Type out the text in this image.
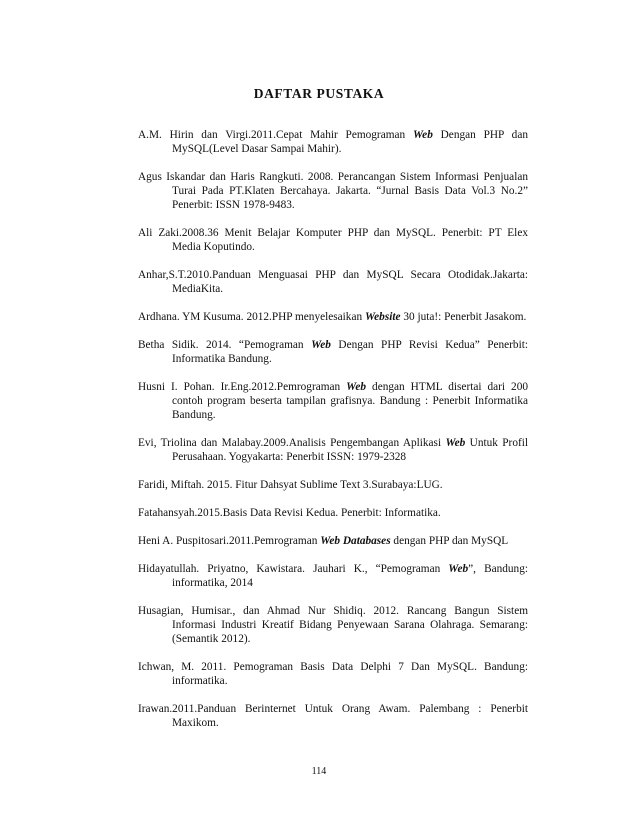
DAFTAR PUSTAKA
A.M. Hirin dan Virgi.2011.Cepat Mahir Pemograman Web Dengan PHP dan MySQL(Level Dasar Sampai Mahir).
Agus Iskandar dan Haris Rangkuti. 2008. Perancangan Sistem Informasi Penjualan Turai Pada PT.Klaten Bercahaya. Jakarta. “Jurnal Basis Data Vol.3 No.2” Penerbit: ISSN 1978-9483.
Ali Zaki.2008.36 Menit Belajar Komputer PHP dan MySQL. Penerbit: PT Elex Media Koputindo.
Anhar,S.T.2010.Panduan Menguasai PHP dan MySQL Secara Otodidak.Jakarta: MediaKita.
Ardhana. YM Kusuma. 2012.PHP menyelesaikan Website 30 juta!: Penerbit Jasakom.
Betha Sidik. 2014. “Pemograman Web Dengan PHP Revisi Kedua” Penerbit: Informatika Bandung.
Husni I. Pohan. Ir.Eng.2012.Pemrograman Web dengan HTML disertai dari 200 contoh program beserta tampilan grafisnya. Bandung : Penerbit Informatika Bandung.
Evi, Triolina dan Malabay.2009.Analisis Pengembangan Aplikasi Web Untuk Profil Perusahaan. Yogyakarta: Penerbit ISSN: 1979-2328
Faridi, Miftah. 2015. Fitur Dahsyat Sublime Text 3.Surabaya:LUG.
Fatahansyah.2015.Basis Data Revisi Kedua. Penerbit: Informatika.
Heni A. Puspitosari.2011.Pemrograman Web Databases dengan PHP dan MySQL
Hidayatullah. Priyatno, Kawistara. Jauhari K., “Pemograman Web”, Bandung: informatika, 2014
Husagian, Humisar., dan Ahmad Nur Shidiq. 2012. Rancang Bangun Sistem Informasi Industri Kreatif Bidang Penyewaan Sarana Olahraga. Semarang: (Semantik 2012).
Ichwan, M. 2011. Pemograman Basis Data Delphi 7 Dan MySQL. Bandung: informatika.
Irawan.2011.Panduan Berinternet Untuk Orang Awam. Palembang : Penerbit Maxikom.
114
